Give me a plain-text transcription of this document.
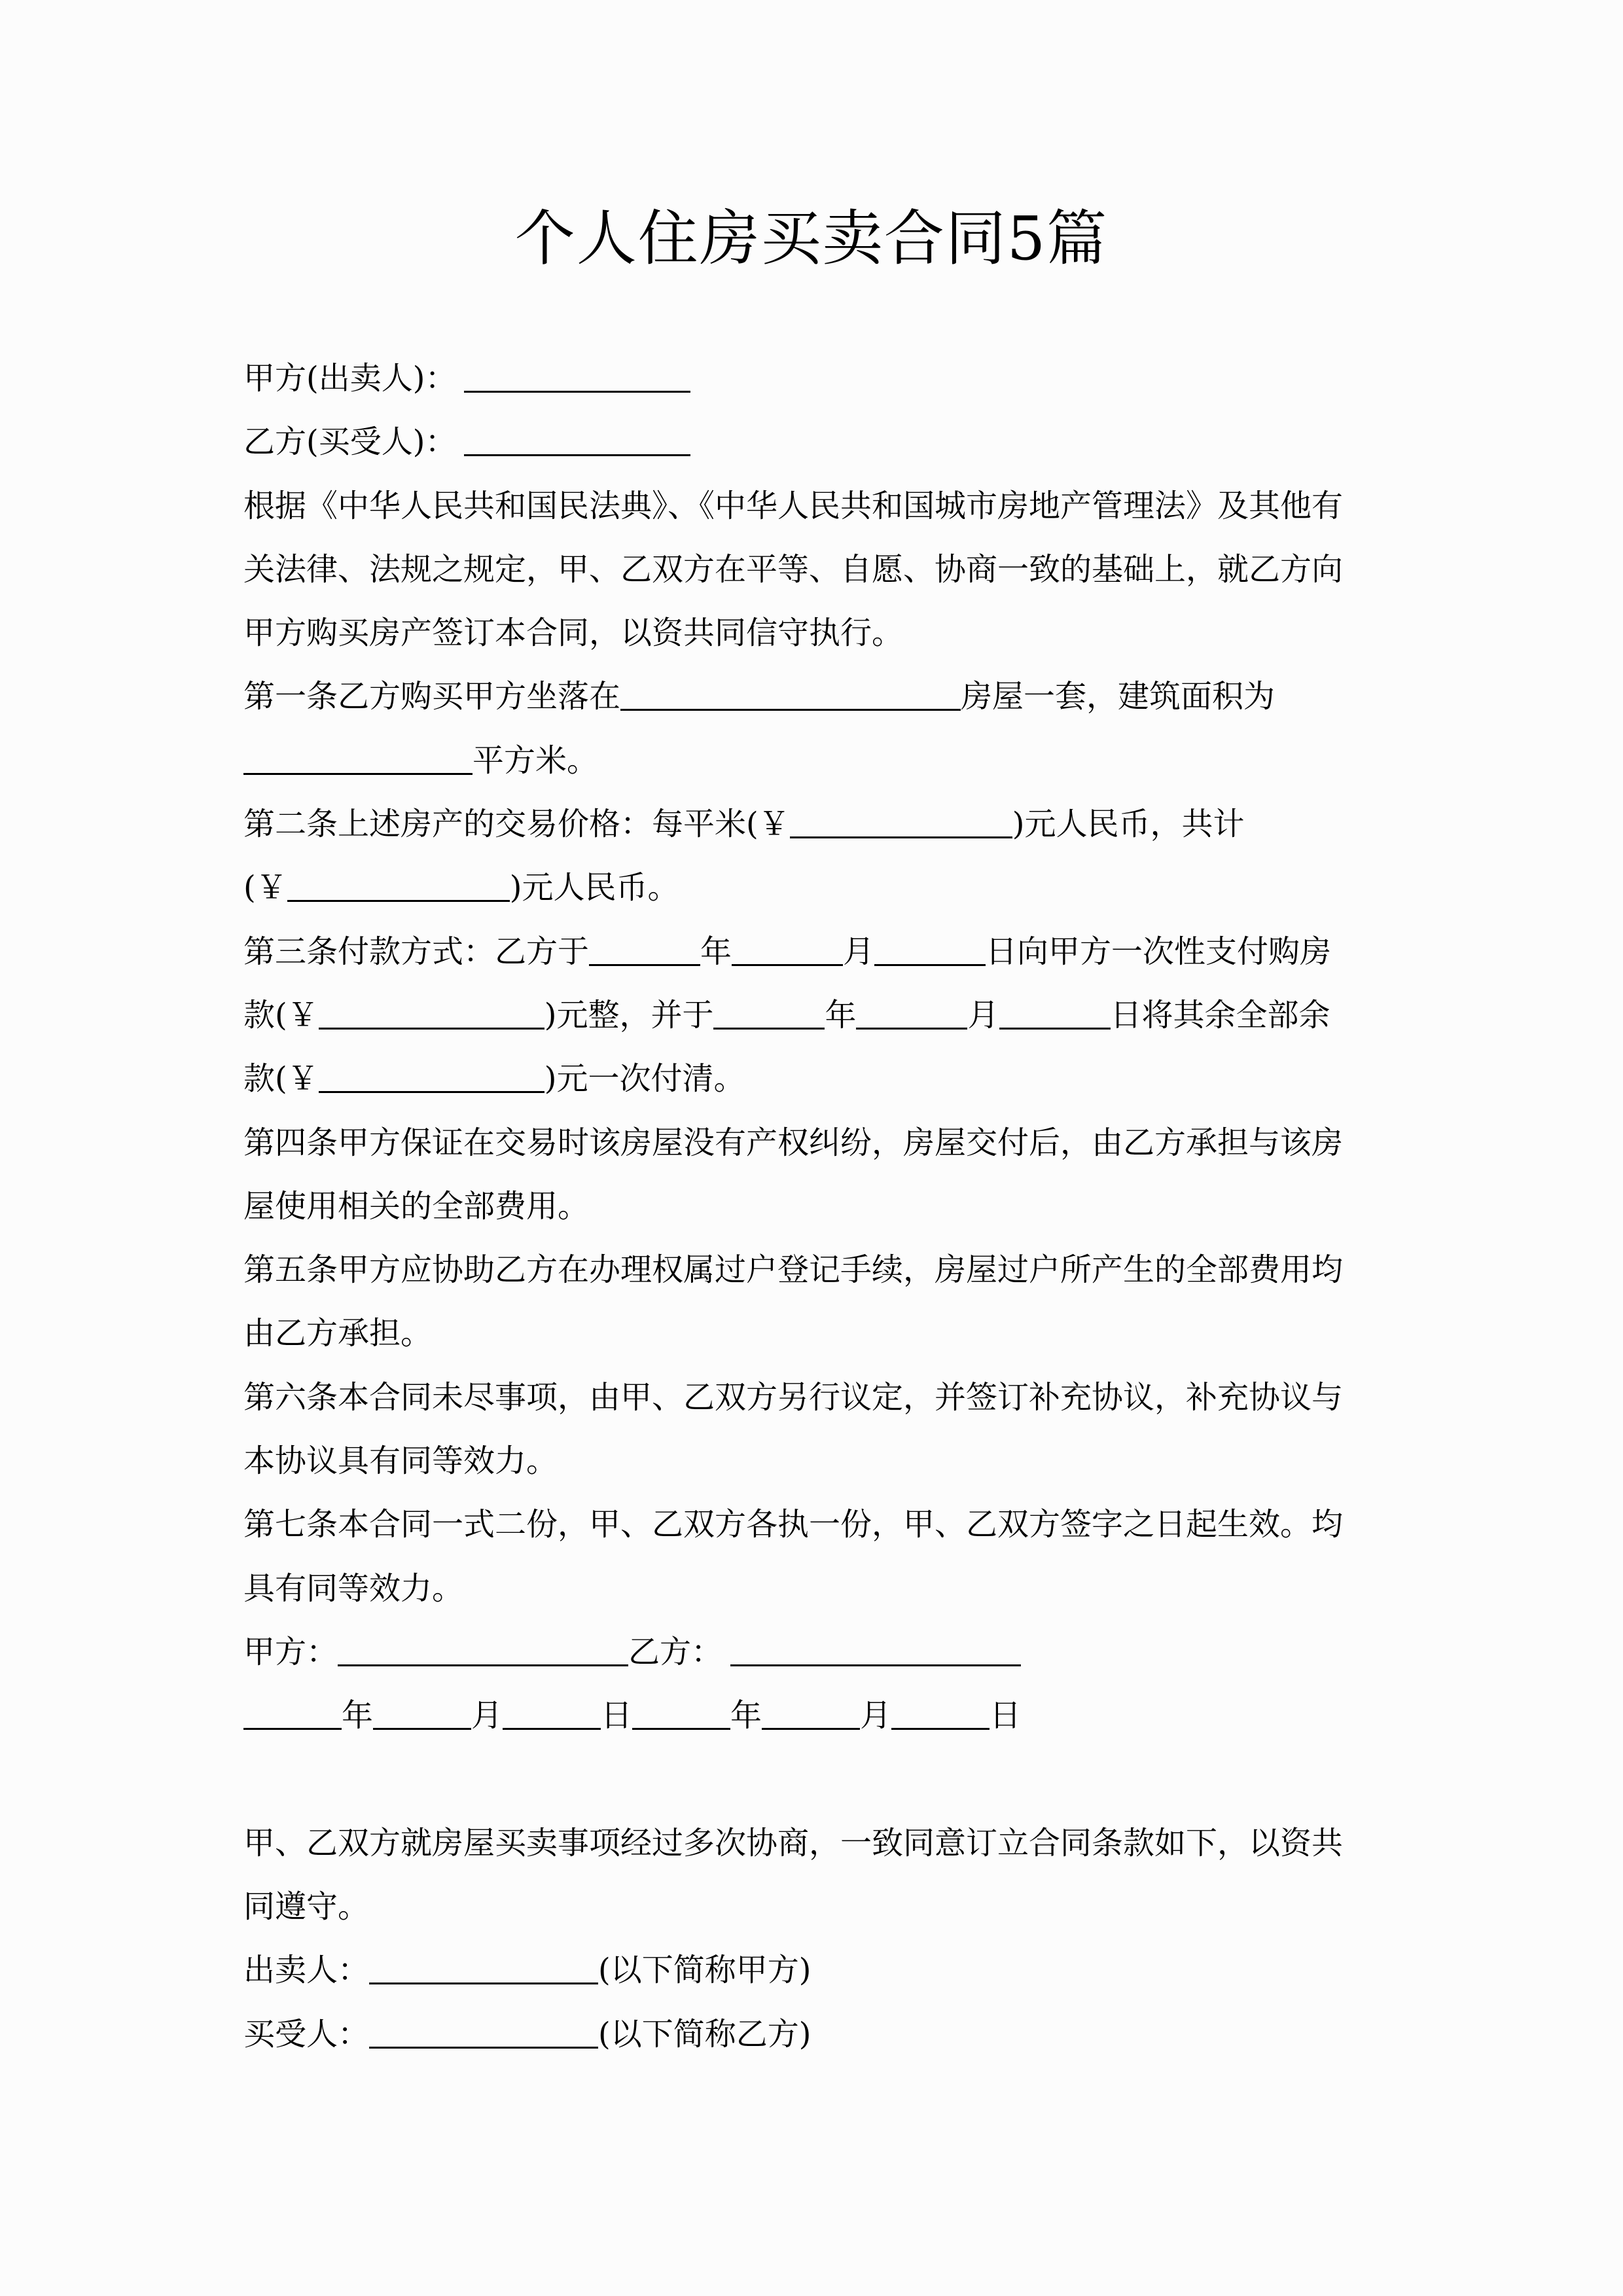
个人住房买卖合同5篇
甲方(出卖人)：
乙方(买受人)：
根据《中华人民共和国民法典》、《中华人民共和国城市房地产管理法》及其他有
关法律、法规之规定，甲、乙双方在平等、自愿、协商一致的基础上，就乙方向
甲方购买房产签订本合同，以资共同信守执行。
第一条乙方购买甲方坐落在	房屋一套，建筑面积为
平方米。
第二条上述房产的交易价格：每平米(￥	)元人民币，共计
(￥	)元人民币。
第三条付款方式：乙方于	年	月	日向甲方一次性支付购房
款(￥	)元整，并于	年	月	日将其余全部余
款(￥	)元一次付清。
第四条甲方保证在交易时该房屋没有产权纠纷，房屋交付后，由乙方承担与该房
屋使用相关的全部费用。
第五条甲方应协助乙方在办理权属过户登记手续，房屋过户所产生的全部费用均
由乙方承担。
第六条本合同未尽事项，由甲、乙双方另行议定，并签订补充协议，补充协议与
本协议具有同等效力。
第七条本合同一式二份，甲、乙双方各执一份，甲、乙双方签字之日起生效。均
具有同等效力。
甲方：	乙方：
年	月	日	年	月	日
甲、乙双方就房屋买卖事项经过多次协商，一致同意订立合同条款如下，以资共
同遵守。
出卖人：	(以下简称甲方)
买受人：	(以下简称乙方)
